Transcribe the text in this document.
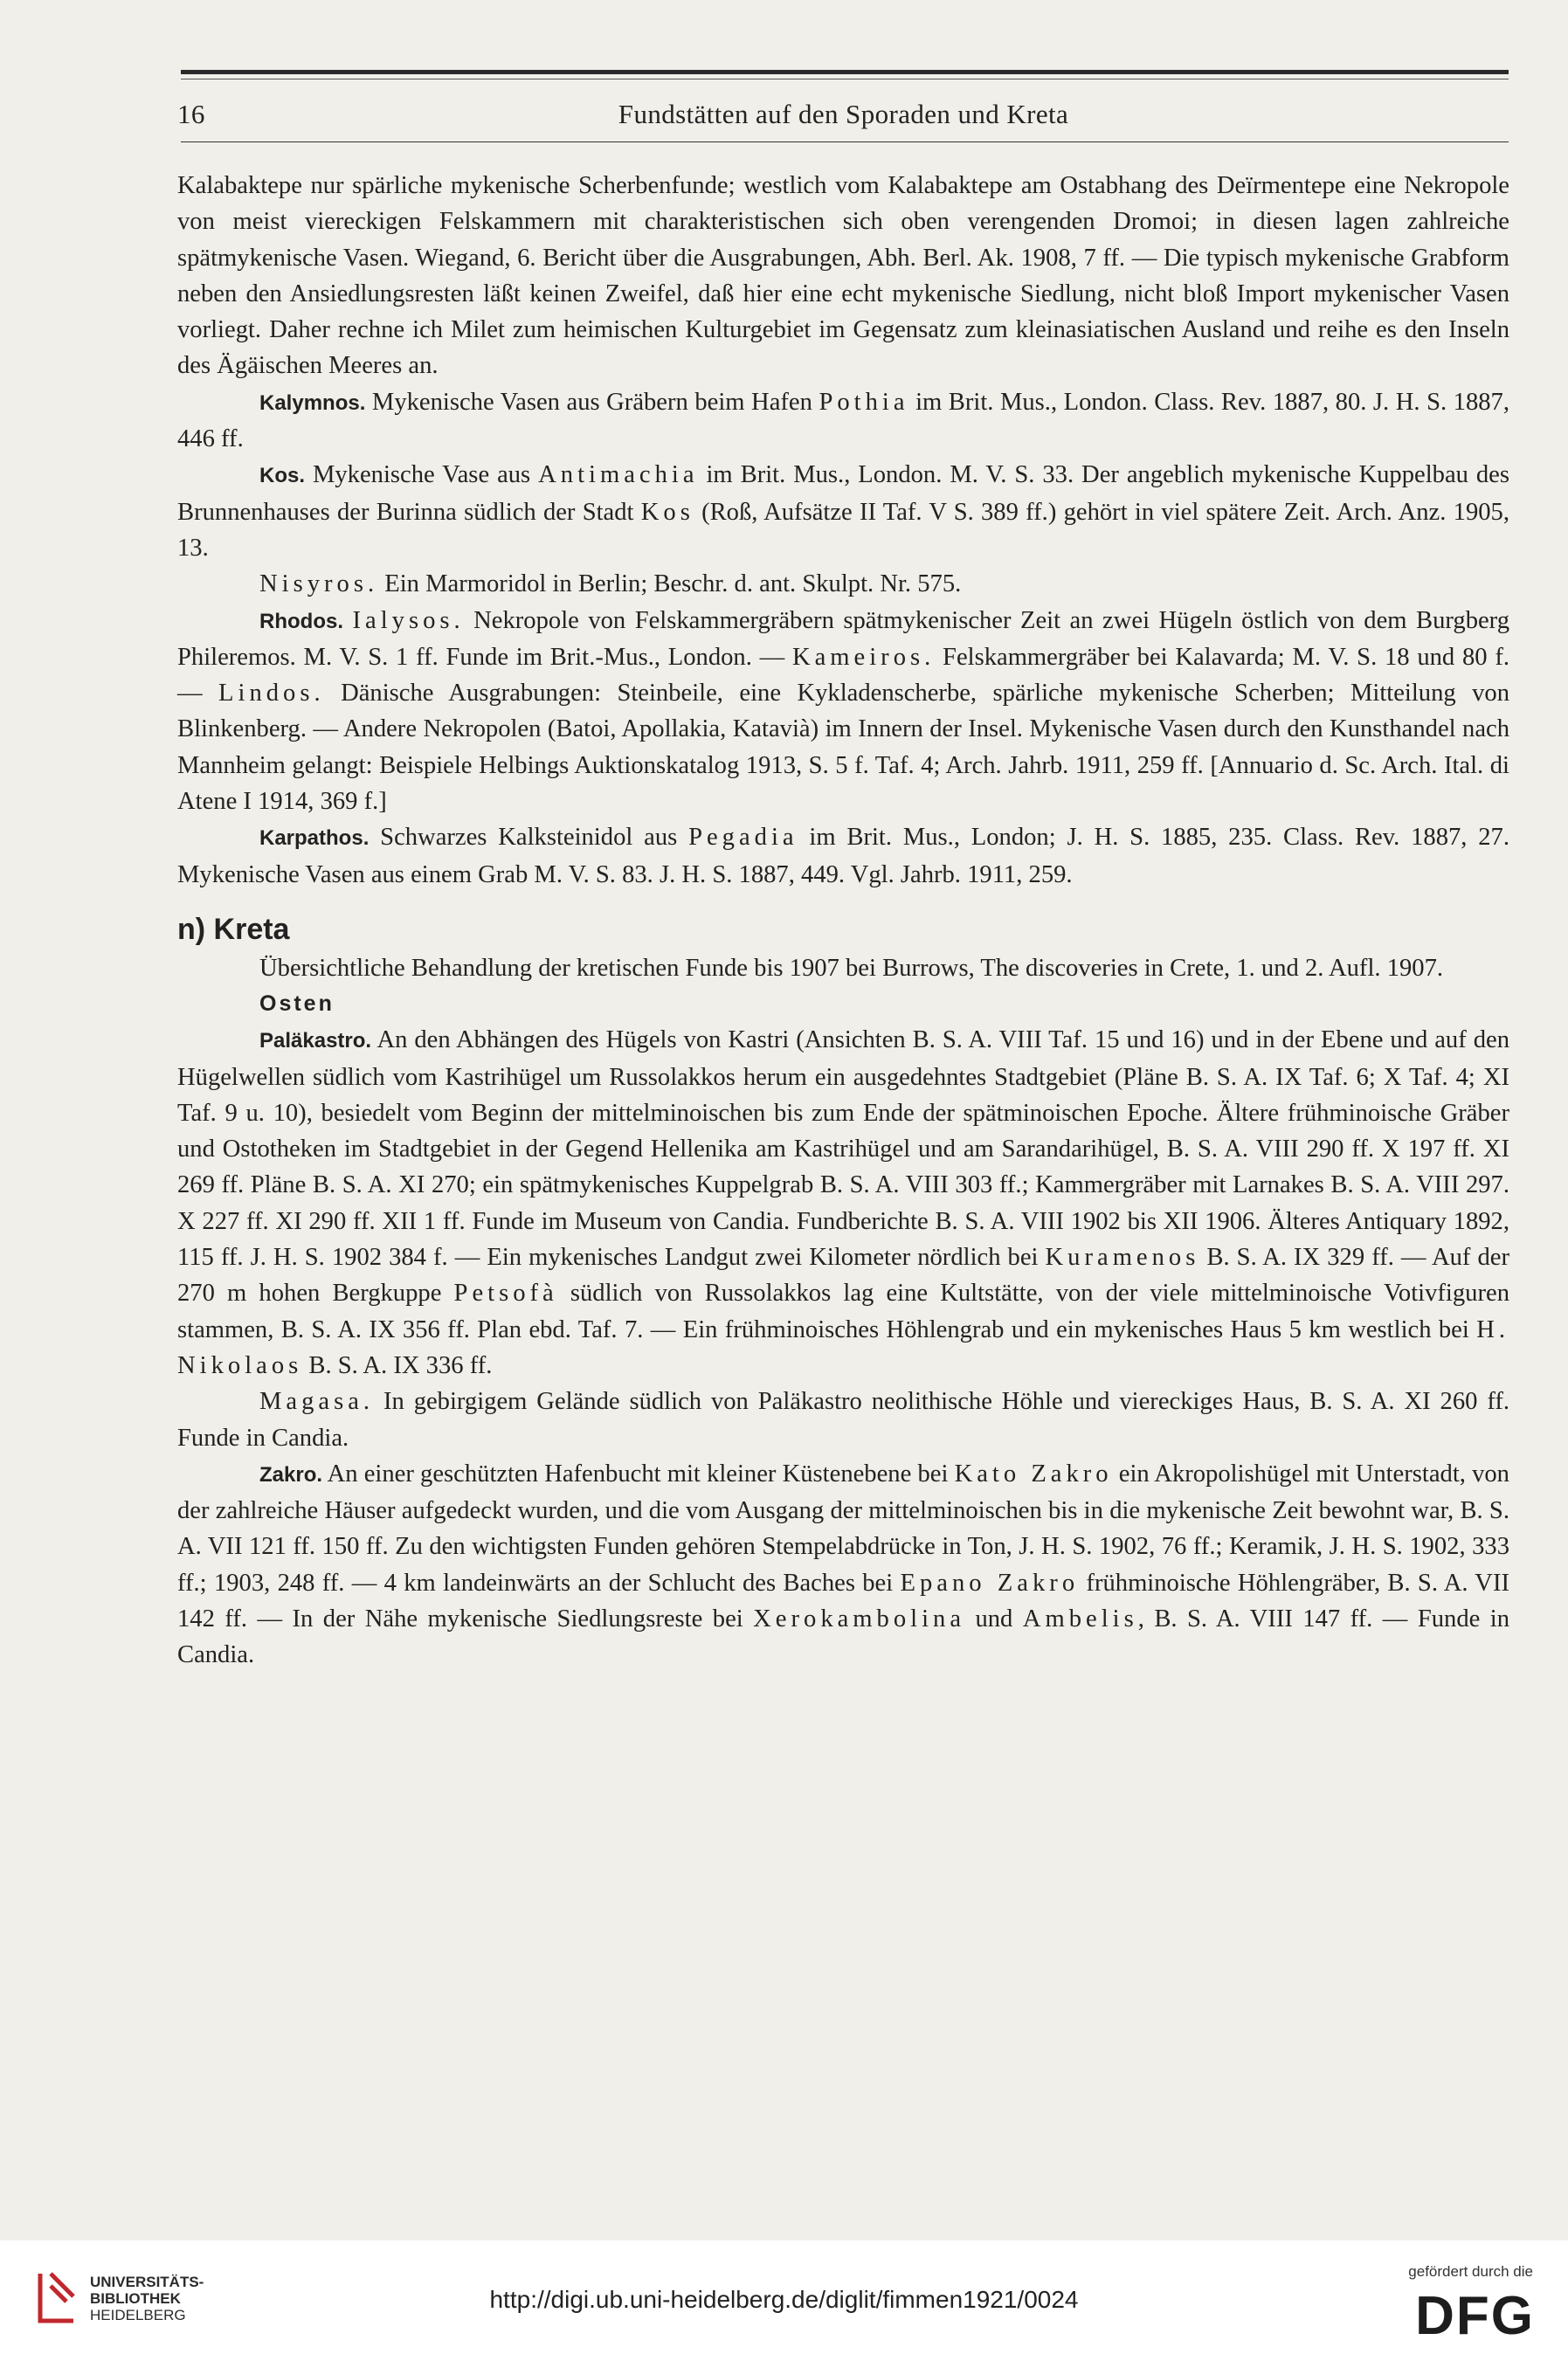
16	Fundstätten auf den Sporaden und Kreta

Kalabaktepe nur spärliche mykenische Scherbenfunde; westlich vom Kalabaktepe am Ostabhang des Deïrmentepe eine Nekropole von meist viereckigen Felskammern mit charakteristischen sich oben verengenden Dromoi; in diesen lagen zahlreiche spätmykenische Vasen. Wiegand, 6. Bericht über die Ausgrabungen, Abh. Berl. Ak. 1908, 7 ff. — Die typisch mykenische Grabform neben den Ansiedlungsresten läßt keinen Zweifel, daß hier eine echt mykenische Siedlung, nicht bloß Import mykenischer Vasen vorliegt. Daher rechne ich Milet zum heimischen Kulturgebiet im Gegensatz zum kleinasiatischen Ausland und reihe es den Inseln des Ägäischen Meeres an.

Kalymnos. Mykenische Vasen aus Gräbern beim Hafen Pothia im Brit. Mus., London. Class. Rev. 1887, 80. J. H. S. 1887, 446 ff.

Kos. Mykenische Vase aus Antimachia im Brit. Mus., London. M. V. S. 33. Der angeblich mykenische Kuppelbau des Brunnenhauses der Burinna südlich der Stadt Kos (Roß, Aufsätze II Taf. V S. 389 ff.) gehört in viel spätere Zeit. Arch. Anz. 1905, 13.

Nisyros. Ein Marmoridol in Berlin; Beschr. d. ant. Skulpt. Nr. 575.

Rhodos. Ialysos. Nekropole von Felskammergräbern spätmykenischer Zeit an zwei Hügeln östlich von dem Burgberg Phileremos. M. V. S. 1 ff. Funde im Brit.-Mus., London. — Kameiros. Felskammergräber bei Kalavarda; M. V. S. 18 und 80 f. — Lindos. Dänische Ausgrabungen: Steinbeile, eine Kykladenscherbe, spärliche mykenische Scherben; Mitteilung von Blinkenberg. — Andere Nekropolen (Batoi, Apollakia, Katavià) im Innern der Insel. Mykenische Vasen durch den Kunsthandel nach Mannheim gelangt: Beispiele Helbings Auktionskatalog 1913, S. 5 f. Taf. 4; Arch. Jahrb. 1911, 259 ff. [Annuario d. Sc. Arch. Ital. di Atene I 1914, 369 f.]

Karpathos. Schwarzes Kalksteinidol aus Pegadia im Brit. Mus., London; J. H. S. 1885, 235. Class. Rev. 1887, 27. Mykenische Vasen aus einem Grab M. V. S. 83. J. H. S. 1887, 449. Vgl. Jahrb. 1911, 259.

n) Kreta

Übersichtliche Behandlung der kretischen Funde bis 1907 bei Burrows, The discoveries in Crete, 1. und 2. Aufl. 1907.

Osten

Paläkastro. An den Abhängen des Hügels von Kastri (Ansichten B. S. A. VIII Taf. 15 und 16) und in der Ebene und auf den Hügelwellen südlich vom Kastrihügel um Russolakkos herum ein ausgedehntes Stadtgebiet (Pläne B. S. A. IX Taf. 6; X Taf. 4; XI Taf. 9 u. 10), besiedelt vom Beginn der mittelminoischen bis zum Ende der spätminoischen Epoche. Ältere frühminoische Gräber und Ostotheken im Stadtgebiet in der Gegend Hellenika am Kastrihügel und am Sarandarihügel, B. S. A. VIII 290 ff. X 197 ff. XI 269 ff. Pläne B. S. A. XI 270; ein spätmykenisches Kuppelgrab B. S. A. VIII 303 ff.; Kammergräber mit Larnakes B. S. A. VIII 297. X 227 ff. XI 290 ff. XII 1 ff. Funde im Museum von Candia. Fundberichte B. S. A. VIII 1902 bis XII 1906. Älteres Antiquary 1892, 115 ff. J. H. S. 1902 384 f. — Ein mykenisches Landgut zwei Kilometer nördlich bei Kuramenos B. S. A. IX 329 ff. — Auf der 270 m hohen Bergkuppe Petsofà südlich von Russolakkos lag eine Kultstätte, von der viele mittelminoische Votivfiguren stammen, B. S. A. IX 356 ff. Plan ebd. Taf. 7. — Ein frühminoisches Höhlengrab und ein mykenisches Haus 5 km westlich bei H. Nikolaos B. S. A. IX 336 ff.

Magasa. In gebirgigem Gelände südlich von Paläkastro neolithische Höhle und viereckiges Haus, B. S. A. XI 260 ff. Funde in Candia.

Zakro. An einer geschützten Hafenbucht mit kleiner Küstenebene bei Kato Zakro ein Akropolishügel mit Unterstadt, von der zahlreiche Häuser aufgedeckt wurden, und die vom Ausgang der mittelminoischen bis in die mykenische Zeit bewohnt war, B. S. A. VII 121 ff. 150 ff. Zu den wichtigsten Funden gehören Stempelabdrücke in Ton, J. H. S. 1902, 76 ff.; Keramik, J. H. S. 1902, 333 ff.; 1903, 248 ff. — 4 km landeinwärts an der Schlucht des Baches bei Epano Zakro frühminoische Höhlengräber, B. S. A. VII 142 ff. — In der Nähe mykenische Siedlungsreste bei Xerokambolina und Ambelis, B. S. A. VIII 147 ff. — Funde in Candia.

UNIVERSITÄTS-
BIBLIOTHEK
HEIDELBERG
http://digi.ub.uni-heidelberg.de/diglit/fimmen1921/0024
gefördert durch die
DFG
